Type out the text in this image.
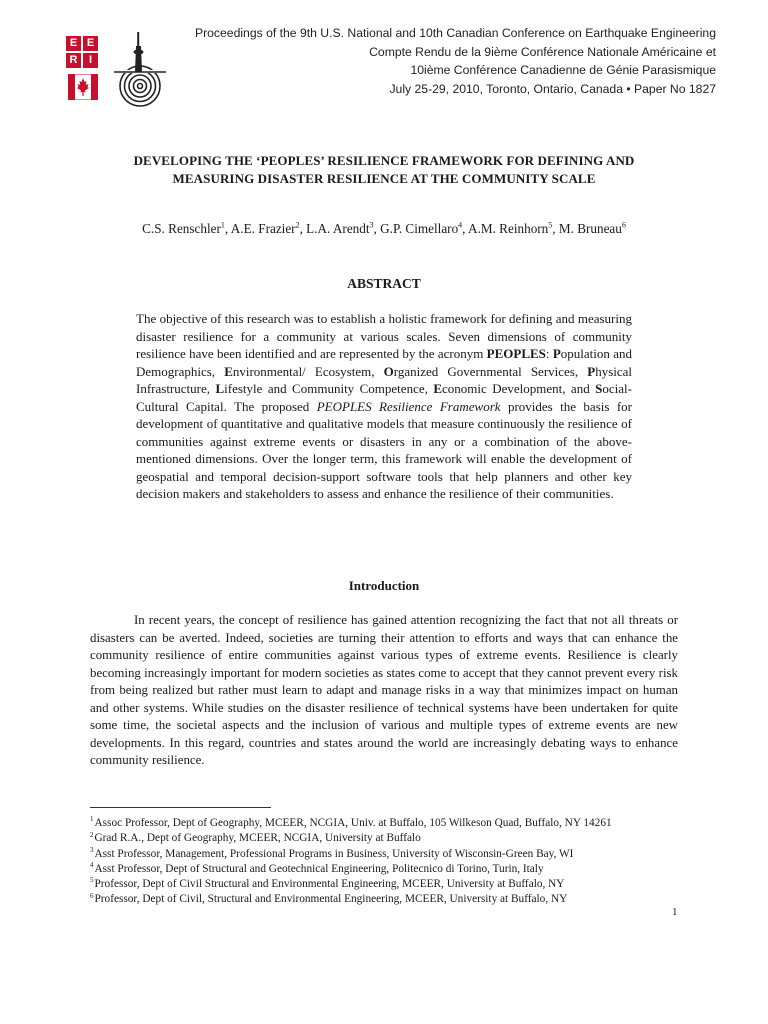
E E
R	I
Proceedings of the 9th U.S. National and 10th Canadian Conference on Earthquake Engineering
Compte Rendu de la 9ième Conférence Nationale Américaine et
10ième Conférence Canadienne de Génie Parasismique
July 25-29, 2010, Toronto, Ontario, Canada • Paper No 1827
DEVELOPING THE ‘PEOPLES’ RESILIENCE FRAMEWORK FOR DEFINING AND
MEASURING DISASTER RESILIENCE AT THE COMMUNITY SCALE
C.S. Renschler$^1$, A.E. Frazier$^2$, L.A. Arendt$^3$, G.P. Cimellaro$^4$, A.M. Reinhorn$^5$, M. Bruneau$^6$
ABSTRACT
The objective of this research was to establish a holistic framework for defining and measuring disaster resilience for a community at various scales. Seven dimensions of community resilience have been identified and are represented by the acronym PEOPLES: Population and Demographics, Environmental/ Ecosystem, Organized Governmental Services, Physical Infrastructure, Lifestyle and Community Competence, Economic Development, and Social-Cultural Capital. The proposed PEOPLES Resilience Framework provides the basis for development of quantitative and qualitative models that measure continuously the resilience of communities against extreme events or disasters in any or a combination of the above-mentioned dimensions. Over the longer term, this framework will enable the development of geospatial and temporal decision-support software tools that help planners and other key decision makers and stakeholders to assess and enhance the resilience of their communities.
Introduction

In recent years, the concept of resilience has gained attention recognizing the fact that not all threats or disasters can be averted. Indeed, societies are turning their attention to efforts and ways that can enhance the community resilience of entire communities against various types of extreme events. Resilience is clearly becoming increasingly important for modern societies as states come to accept that they cannot prevent every risk from being realized but rather must learn to adapt and manage risks in a way that minimizes impact on human and other systems. While studies on the disaster resilience of technical systems have been undertaken for quite some time, the societal aspects and the inclusion of various and multiple types of extreme events are new developments. In this regard, countries and states around the world are increasingly debating ways to enhance community resilience.

$^1$Assoc Professor, Dept of Geography, MCEER, NCGIA, Univ. at Buffalo, 105 Wilkeson Quad, Buffalo, NY 14261
$^2$Grad R.A., Dept of Geography, MCEER, NCGIA, University at Buffalo
$^3$Asst Professor, Management, Professional Programs in Business, University of Wisconsin-Green Bay, WI
$^4$Asst Professor, Dept of Structural and Geotechnical Engineering, Politecnico di Torino, Turin, Italy
$^5$Professor, Dept of Civil Structural and Environmental Engineering, MCEER, University at Buffalo, NY
$^6$Professor, Dept of Civil, Structural and Environmental Engineering, MCEER, University at Buffalo, NY
1
